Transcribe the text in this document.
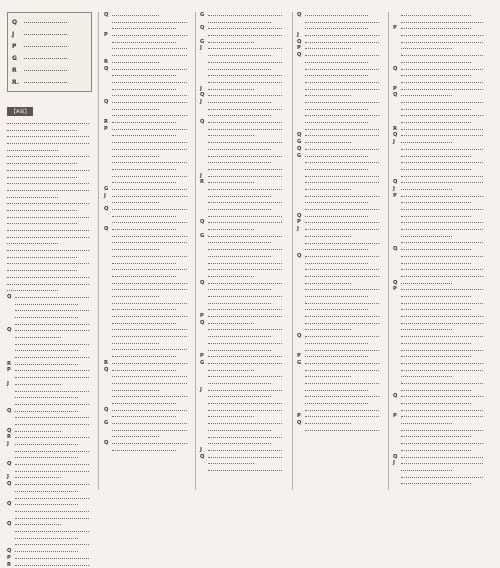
Q
J
P
G
R
R.
【A面】
Q
Q
R
P
J
Q
Q
R
J
Q
J
Q
Q
Q
Q
P
R
Q
P
R
Q
Q
R
P
G
J
Q
Q
R
Q
Q
G
Q
G
Q
G
J
J
Q
J
Q
J
R
Q
G
Q
P
Q
P
G
J
J
Q
Q
J
Q
P
Q
Q
G
Q
G
Q
P
J
Q
Q
P
G
P
Q
P
Q
P
Q
R
Q
J
Q
J
P
Q
Q
P
Q
P
Q
J
